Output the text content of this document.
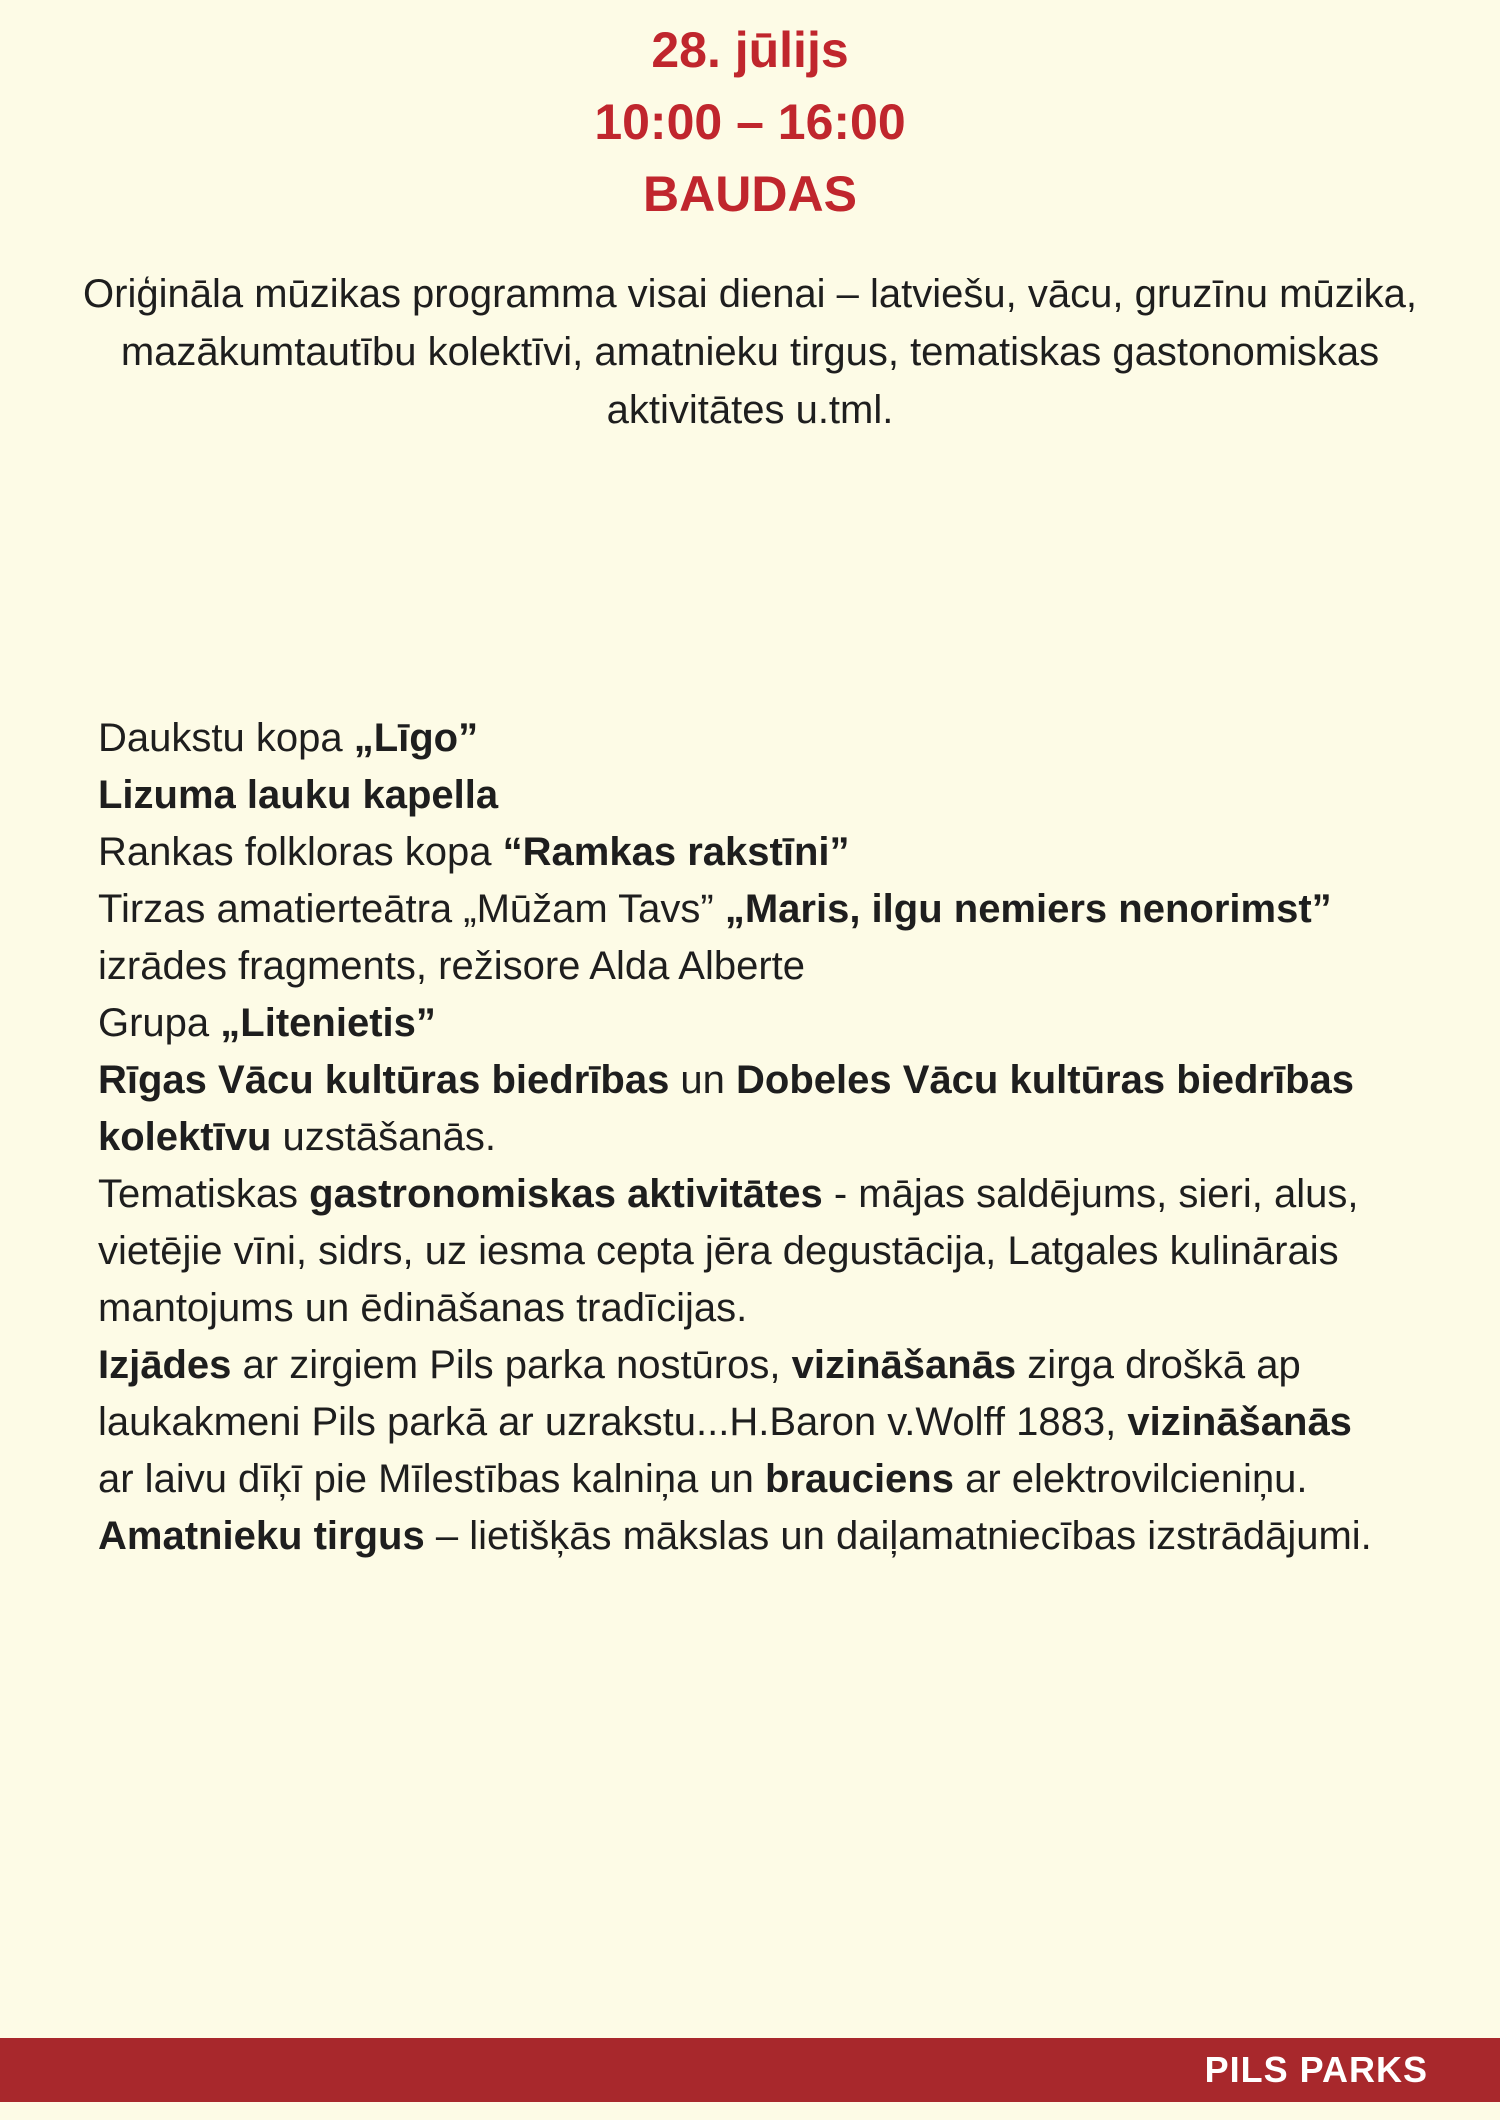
28. jūlijs
10:00 – 16:00
BAUDAS
Oriģināla mūzikas programma visai dienai – latviešu, vācu, gruzīnu mūzika, mazākumtautību kolektīvi, amatnieku tirgus, tematiskas gastonomiskas aktivitātes u.tml.
Daukstu kopa „Līgo”
Lizuma lauku kapella
Rankas folkloras kopa “Ramkas rakstīni”
Tirzas amatierteātra „Mūžam Tavs” „Maris, ilgu nemiers nenorimst”
izrādes fragments, režisore Alda Alberte
Grupa „Litenietis”
Rīgas Vācu kultūras biedrības un Dobeles Vācu kultūras biedrības
kolektīvu uzstāšanās.
Tematiskas gastronomiskas aktivitātes - mājas saldējums, sieri, alus,
vietējie vīni, sidrs, uz iesma cepta jēra degustācija, Latgales kulinārais
mantojums un ēdināšanas tradīcijas.
Izjādes ar zirgiem Pils parka nostūros, vizināšanās zirga droškā ap
laukakmeni Pils parkā ar uzrakstu...H.Baron v.Wolff 1883, vizināšanās
ar laivu dīķī pie Mīlestības kalniņa un brauciens ar elektrovilcieniņu.
Amatnieku tirgus – lietišķās mākslas un daiļamatniecības izstrādājumi.
PILS PARKS
